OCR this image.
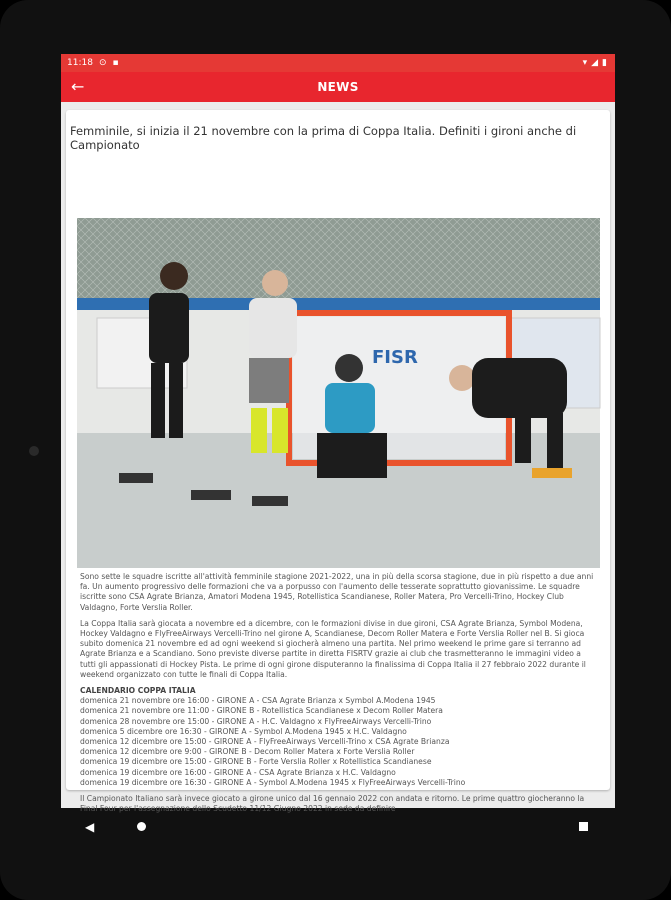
11:18 ⊙ ▪	▾ ◢ ▮
←	NEWS
Femminile, si inizia il 21 novembre con la prima di Coppa Italia. Definiti i gironi anche di Campionato
FISR

Sono sette le squadre iscritte all'attività femminile stagione 2021-2022, una in più della scorsa stagione, due in più rispetto a due anni fa. Un aumento progressivo delle formazioni che va a porpusso con l'aumento delle tesserate soprattutto giovanissime. Le squadre iscritte sono CSA Agrate Brianza, Amatori Modena 1945, Rotellistica Scandianese, Roller Matera, Pro Vercelli-Trino, Hockey Club Valdagno, Forte Verslia Roller.

La Coppa Italia sarà giocata a novembre ed a dicembre, con le formazioni divise in due gironi, CSA Agrate Brianza, Symbol Modena, Hockey Valdagno e FlyFreeAirways Vercelli-Trino nel girone A, Scandianese, Decom Roller Matera e Forte Verslia Roller nel B. Si gioca subito domenica 21 novembre ed ad ogni weekend si giocherà almeno una partita. Nel primo weekend le prime gare si terranno ad Agrate Brianza e a Scandiano. Sono previste diverse partite in diretta FISRTV grazie ai club che trasmetteranno le immagini video a tutti gli appassionati di Hockey Pista. Le prime di ogni girone disputeranno la finalissima di Coppa Italia il 27 febbraio 2022 durante il weekend organizzato con tutte le finali di Coppa Italia.

CALENDARIO COPPA ITALIA
domenica 21 novembre ore 16:00 - GIRONE A - CSA Agrate Brianza x Symbol A.Modena 1945
domenica 21 novembre ore 11:00 - GIRONE B - Rotellistica Scandianese x Decom Roller Matera
domenica 28 novembre ore 15:00 - GIRONE A - H.C. Valdagno x FlyFreeAirways Vercelli-Trino
domenica 5 dicembre ore 16:30 - GIRONE A - Symbol A.Modena 1945 x H.C. Valdagno
domenica 12 dicembre ore 15:00 - GIRONE A - FlyFreeAirways Vercelli-Trino x CSA Agrate Brianza
domenica 12 dicembre ore 9:00 - GIRONE B - Decom Roller Matera x Forte Verslia Roller
domenica 19 dicembre ore 15:00 - GIRONE B - Forte Verslia Roller x Rotellistica Scandianese
domenica 19 dicembre ore 16:00 - GIRONE A - CSA Agrate Brianza x H.C. Valdagno
domenica 19 dicembre ore 16:30 - GIRONE A - Symbol A.Modena 1945 x FlyFreeAirways Vercelli-Trino

Il Campionato Italiano sarà invece giocato a girone unico dal 16 gennaio 2022 con andata e ritorno. Le prime quattro giocheranno la Final Four per l'assegnazione dello Scudetto 11/12 Giugno 2022 in sede da definire

◀
